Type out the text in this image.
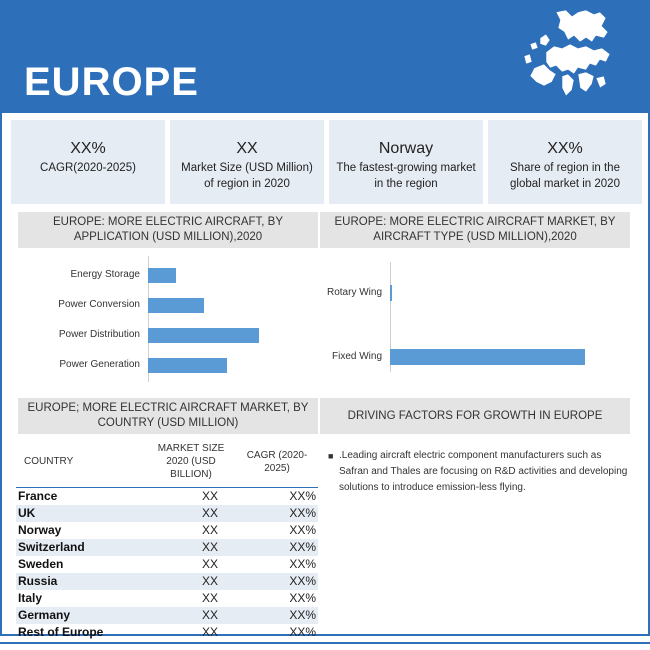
EUROPE
XX%
CAGR(2020-2025)
XX
Market Size (USD Million) of region in 2020
Norway
The fastest-growing market in the region
XX%
Share of region in the global market in 2020
EUROPE: MORE ELECTRIC AIRCRAFT, BY APPLICATION (USD MILLION),2020
EUROPE: MORE ELECTRIC AIRCRAFT MARKET, BY AIRCRAFT TYPE (USD MILLION),2020
Energy Storage
Power Conversion
Power Distribution
Power Generation
Rotary Wing
Fixed Wing
EUROPE; MORE ELECTRIC AIRCRAFT MARKET, BY COUNTRY (USD MILLION)
DRIVING FACTORS FOR GROWTH IN EUROPE
COUNTRY	MARKET SIZE 2020 (USD BILLION)	CAGR (2020-2025)
France	XX	XX%
UK	XX	XX%
Norway	XX	XX%
Switzerland	XX	XX%
Sweden	XX	XX%
Russia	XX	XX%
Italy	XX	XX%
Germany	XX	XX%
Rest of Europe	XX	XX%
■ .Leading aircraft electric component manufacturers such as Safran and Thales are focusing on R&D activities and developing solutions to introduce emission-less flying.
